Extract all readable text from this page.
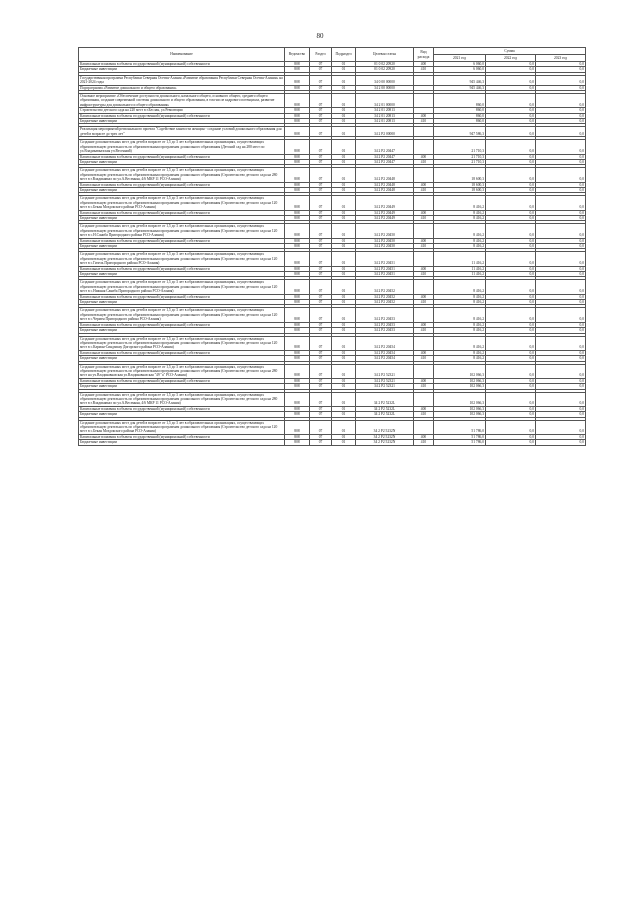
80
Наименование	Ведомство	Раздел	Подраздел	Целевая статья	Вид расхода	Сумма		
						2021 год	2022 год	2023 год
Капитальные вложения в объекты государственной (муниципальной) собственности	808	07	01	01 0 02 20920	400	6 060,0	0,0	0,0
Бюджетные инвестиции	808	07	01	01 0 02 20920	410	6 060,0	0,0	0,0

Государственная программа Республики Северная Осетия-Алания «Развитие образования Республики Северная Осетия-Алания» на 2021-2024 годы	808	07	01	34 0 00 00000		945 446,3	0,0	0,0
Подпрограмма «Развитие дошкольного и общего образования»	808	07	01	34 2 00 00000		945 446,3	0,0	0,0

Основное мероприятие «Обеспечение доступности дошкольного, начального общего, основного общего, среднего общего образования, создание современной системы дошкольного и общего образования, в том числе кадрового потенциала, развитие инфраструктуры для дошкольного и общего образования»	808	07	01	34 2 01 00000		860,0	0,0	0,0
Строительство детского сада на 220 мест в г.Беслан, ул.Революции	808	07	01	34 2 01 20813		860,0	0,0	0,0
Капитальные вложения в объекты государственной (муниципальной) собственности	808	07	01	34 2 01 20813	400	860,0	0,0	0,0
Бюджетные инвестиции	808	07	01	34 2 01 20813	410	860,0	0,0	0,0

Реализация мероприятий регионального проекта "Содействие занятости женщин - создание условий дошкольного образования для детей в возрасте до трех лет"	808	07	01	34 2 P2 00000		947 586,3	0,0	0,0

Создание дополнительных мест для детей в возрасте от 1,5 до 3 лет в образовательных организациях, осуществляющих образовательную деятельность по образовательным программам дошкольного образования (Детский сад на 280 мест по ул.Владикавказская уч.Весенний)	808	07	01	34 2 P2 20447		21 710,3	0,0	0,0
Капитальные вложения в объекты государственной (муниципальной) собственности	808	07	01	34 2 P2 20447	400	21 710,3	0,0	0,0
Бюджетные инвестиции	808	07	01	34 2 P2 20447	410	21 710,3	0,0	0,0

Создание дополнительных мест для детей в возрасте от 1,5 до 3 лет в образовательных организациях, осуществляющих образовательную деятельность по образовательным программам дошкольного образования (Строительство детского сада на 280 мест в г.Владикавказ по ул.А.Весенняя, 4/6 МКР 11 РСО-Алания)	808	07	01	34 2 P2 20448		18 600,3	0,0	0,0
Капитальные вложения в объекты государственной (муниципальной) собственности	808	07	01	34 2 P2 20448	400	18 600,3	0,0	0,0
Бюджетные инвестиции	808	07	01	34 2 P2 20448	410	18 600,3	0,0	0,0

Создание дополнительных мест для детей в возрасте от 1,5 до 3 лет в образовательных организациях, осуществляющих образовательную деятельность по образовательным программам дошкольного образования (Строительство детского сада на 120 мест в с.Бекан Моздокского района РСО-Алания)	808	07	01	34 2 P2 20449		8 416,2	0,0	0,0
Капитальные вложения в объекты государственной (муниципальной) собственности	808	07	01	34 2 P2 20449	400	8 416,2	0,0	0,0
Бюджетные инвестиции	808	07	01	34 2 P2 20449	410	8 416,2	0,0	0,0

Создание дополнительных мест для детей в возрасте от 1,5 до 3 лет в образовательных организациях, осуществляющих образовательную деятельность по образовательным программам дошкольного образования (Строительство детского сада на 120 мест в с.Н.Саниба Пригородного района РСО-Алания)	808	07	01	34 2 P2 20450		8 416,2	0,0	0,0
Капитальные вложения в объекты государственной (муниципальной) собственности	808	07	01	34 2 P2 20450	400	8 416,2	0,0	0,0
Бюджетные инвестиции	808	07	01	34 2 P2 20450	410	8 416,2	0,0	0,0

Создание дополнительных мест для детей в возрасте от 1,5 до 3 лет в образовательных организациях, осуществляющих образовательную деятельность по образовательным программам дошкольного образования (Строительство детского сада на 120 мест в с.Гизель Пригородного района РСО-Алания)	808	07	01	34 2 P2 20451		11 416,2	0,0	0,0
Капитальные вложения в объекты государственной (муниципальной) собственности	808	07	01	34 2 P2 20451	400	11 416,2	0,0	0,0
Бюджетные инвестиции	808	07	01	34 2 P2 20451	410	11 416,2	0,0	0,0

Создание дополнительных мест для детей в возрасте от 1,5 до 3 лет в образовательных организациях, осуществляющих образовательную деятельность по образовательным программам дошкольного образования (Строительство детского сада на 120 мест в с.Нижняя Саниба Пригородного района РСО-Алания)	808	07	01	34 2 P2 20452		8 416,2	0,0	0,0
Капитальные вложения в объекты государственной (муниципальной) собственности	808	07	01	34 2 P2 20452	400	8 416,2	0,0	0,0
Бюджетные инвестиции	808	07	01	34 2 P2 20452	410	8 416,2	0,0	0,0

Создание дополнительных мест для детей в возрасте от 1,5 до 3 лет в образовательных организациях, осуществляющих образовательную деятельность по образовательным программам дошкольного образования (Строительство детского сада на 120 мест в с.Чермен Пригородного района РСО-Алания)	808	07	01	34 2 P2 20453		8 416,2	0,0	0,0
Капитальные вложения в объекты государственной (муниципальной) собственности	808	07	01	34 2 P2 20453	400	8 416,2	0,0	0,0
Бюджетные инвестиции	808	07	01	34 2 P2 20453	410	8 416,2	0,0	0,0

Создание дополнительных мест для детей в возрасте от 1,5 до 3 лет в образовательных организациях, осуществляющих образовательную деятельность по образовательным программам дошкольного образования (Строительство детского сада на 120 мест в с.Карман-Синдзикау Дигорского района РСО-Алания)	808	07	01	34 2 P2 20454		8 416,2	0,0	0,0
Капитальные вложения в объекты государственной (муниципальной) собственности	808	07	01	34 2 P2 20454	400	8 416,2	0,0	0,0
Бюджетные инвестиции	808	07	01	34 2 P2 20454	410	8 416,2	0,0	0,0

Создание дополнительных мест для детей в возрасте от 1,5 до 3 лет в образовательных организациях, осуществляющих образовательную деятельность по образовательным программам дошкольного образования (Строительство детского сада на 280 мест на уч.Владикавказская ул.Владикавказская "49 "а" РСО-Алания)	808	07	01	34 2 P2 52321		102 066,3	0,0	0,0
Капитальные вложения в объекты государственной (муниципальной) собственности	808	07	01	34 2 P2 52321	400	102 066,3	0,0	0,0
Бюджетные инвестиции	808	07	01	34 2 P2 52321	410	102 066,3	0,0	0,0

Создание дополнительных мест для детей в возрасте от 1,5 до 3 лет в образовательных организациях, осуществляющих образовательную деятельность по образовательным программам дошкольного образования (Строительство детского сада на 280 мест в г.Владикавказ по ул.А.Весенняя, 4/6 МКР 11 РСО-Алания)	808	07	01	34 2 P2 5232L		102 066,3	0,0	0,0
Капитальные вложения в объекты государственной (муниципальной) собственности	808	07	01	34 2 P2 5232L	400	102 066,3	0,0	0,0
Бюджетные инвестиции	808	07	01	34 2 P2 5232L	410	102 066,3	0,0	0,0

Создание дополнительных мест для детей в возрасте от 1,5 до 3 лет в образовательных организациях, осуществляющих образовательную деятельность по образовательным программам дошкольного образования (Строительство детского сада на 120 мест в с.Бекан Моздокского района РСО-Алания)	808	07	01	34 2 P2 5232N		51 786,0	0,0	0,0
Капитальные вложения в объекты государственной (муниципальной) собственности	808	07	01	34 2 P2 5232N	400	51 786,0	0,0	0,0
Бюджетные инвестиции	808	07	01	34 2 P2 5232N	410	51 786,0	0,0	0,0
